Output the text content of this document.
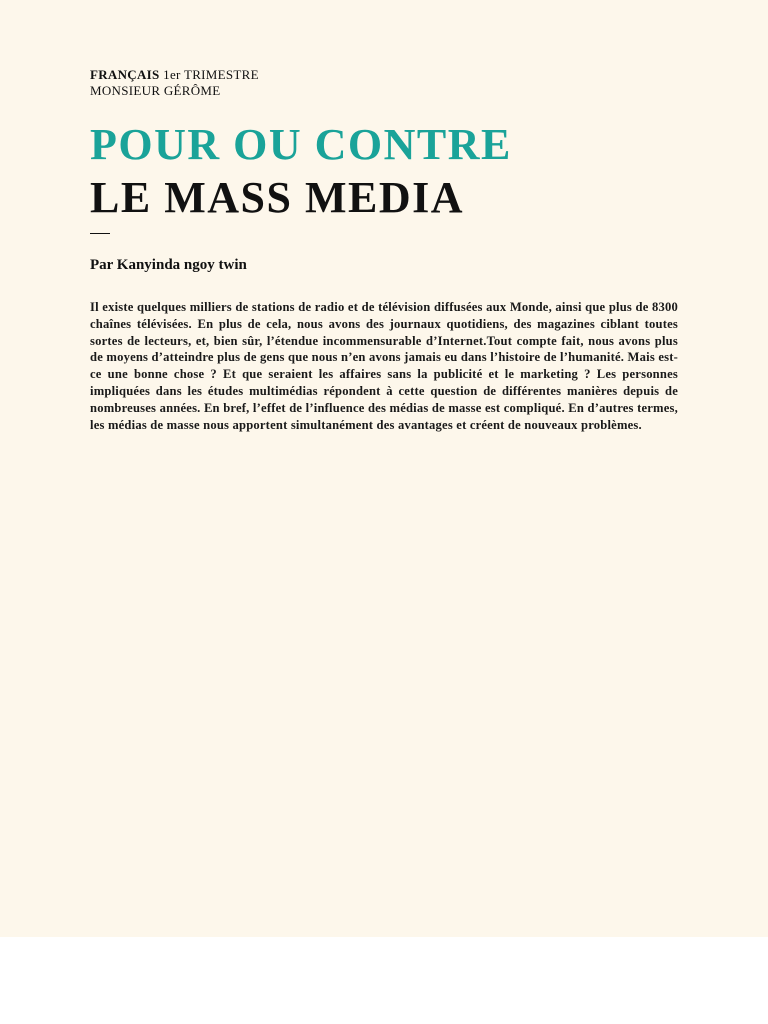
FRANÇAIS 1er TRIMESTRE
MONSIEUR GÉRÔME
POUR OU CONTRE
LE MASS MEDIA
Par Kanyinda ngoy twin

Il existe quelques milliers de stations de radio et de télévision diffusées aux Monde, ainsi que plus de 8300 chaînes télévisées. En plus de cela, nous avons des journaux quotidiens, des magazines ciblant toutes sortes de lecteurs, et, bien sûr, l’étendue incommensurable d’Internet.Tout compte fait, nous avons plus de moyens d’atteindre plus de gens que nous n’en avons jamais eu dans l’histoire de l’humanité. Mais est-ce une bonne chose ? Et que seraient les affaires sans la publicité et le marketing ? Les personnes impliquées dans les études multimédias répondent à cette question de différentes manières depuis de nombreuses années. En bref, l’effet de l’influence des médias de masse est compliqué. En d’autres termes, les médias de masse nous apportent simultanément des avantages et créent de nouveaux problèmes.
